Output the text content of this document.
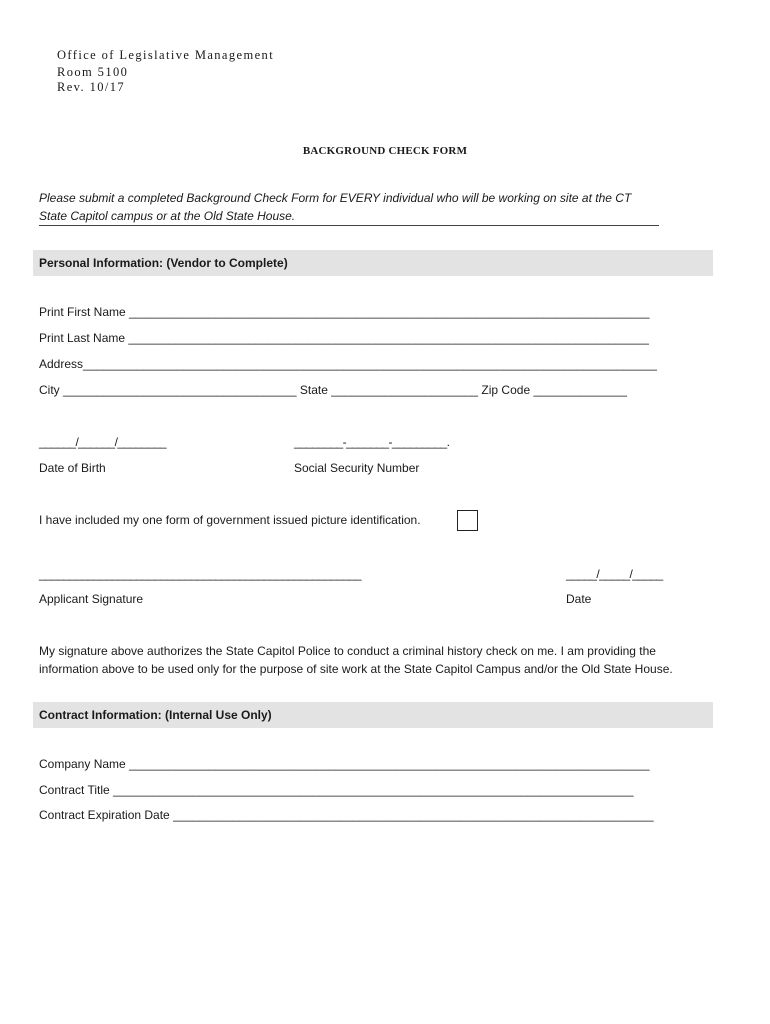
Office of Legislative Management
Room 5100
Rev. 10/17
BACKGROUND CHECK FORM
Please submit a completed Background Check Form for EVERY individual who will be working on site at the CT
State Capitol campus or at the Old State House.
Personal Information: (Vendor to Complete)
Print First Name ______________________________________________________________________________
Print Last Name ______________________________________________________________________________
Address______________________________________________________________________________________
City ___________________________________ State ______________________ Zip Code ______________
______/______/________	________-_______-_________.
Date of Birth	Social Security Number
I have included my one form of government issued picture identification.
_____________________________________________________	_____/_____/_____
Applicant Signature	Date
My signature above authorizes the State Capitol Police to conduct a criminal history check on me. I am providing the
information above to be used only for the purpose of site work at the State Capitol Campus and/or the Old State House.
Contract Information: (Internal Use Only)
Company Name ______________________________________________________________________________
Contract Title ______________________________________________________________________________
Contract Expiration Date ________________________________________________________________________
